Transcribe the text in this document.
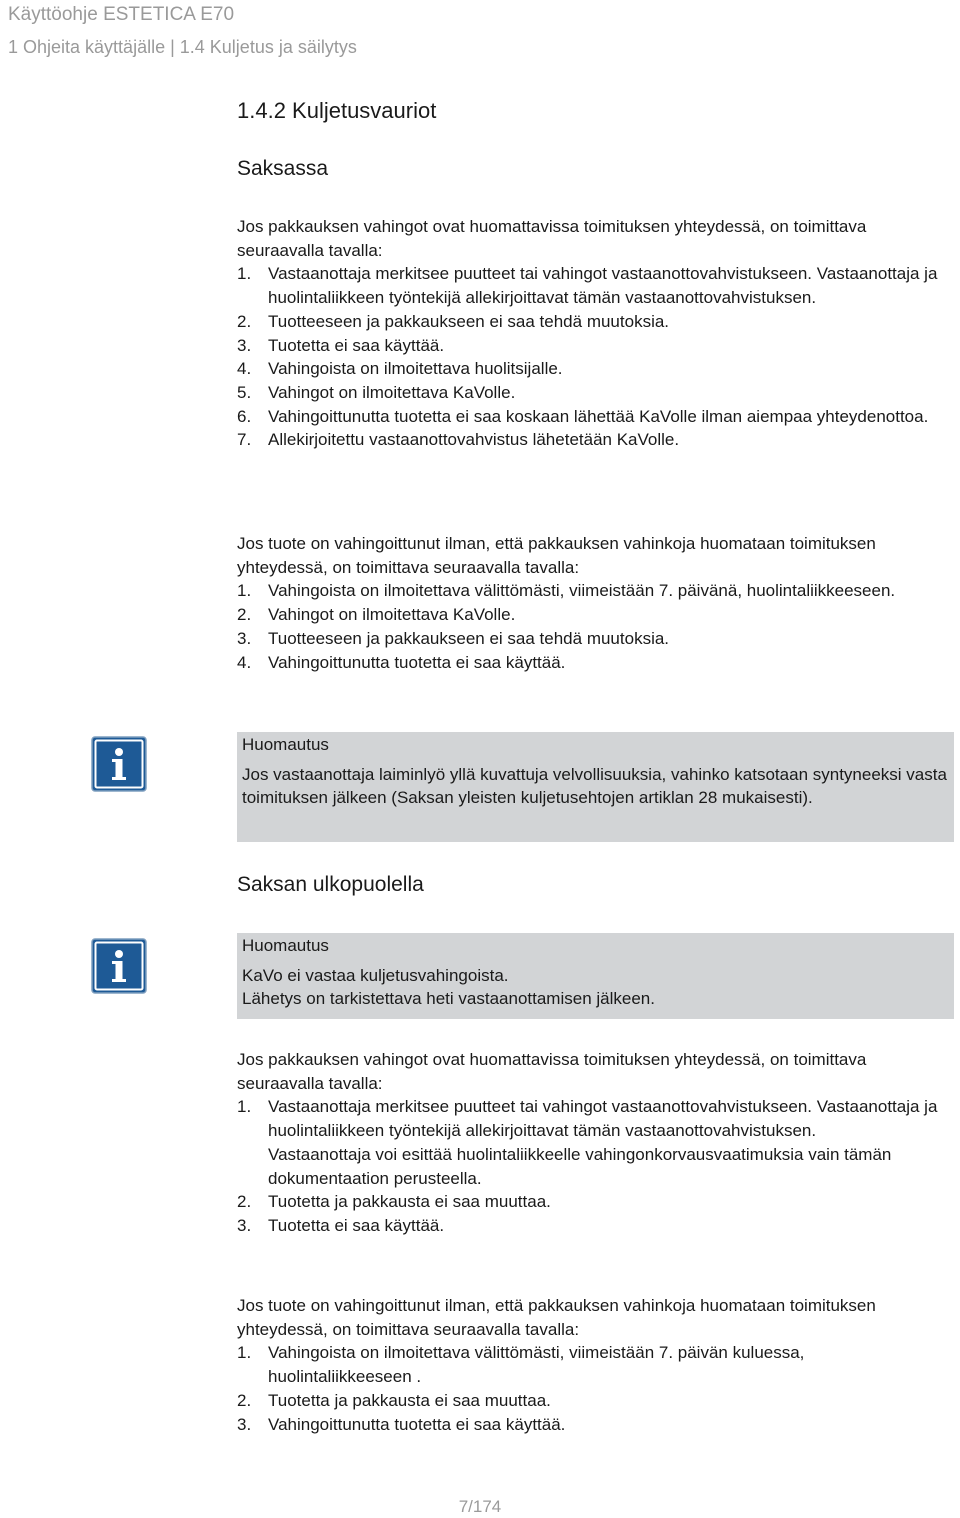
Käyttöohje ESTETICA E70
1 Ohjeita käyttäjälle | 1.4 Kuljetus ja säilytys
1.4.2 Kuljetusvauriot
Saksassa

Jos pakkauksen vahingot ovat huomattavissa toimituksen yhteydessä, on toimittava seuraavalla tavalla:

1. Vastaanottaja merkitsee puutteet tai vahingot vastaanottovahvistukseen. Vastaanottaja ja huolintaliikkeen työntekijä allekirjoittavat tämän vastaanottovahvistuksen.
2. Tuotteeseen ja pakkaukseen ei saa tehdä muutoksia.
3. Tuotetta ei saa käyttää.
4. Vahingoista on ilmoitettava huolitsijalle.
5. Vahingot on ilmoitettava KaVolle.
6. Vahingoittunutta tuotetta ei saa koskaan lähettää KaVolle ilman aiempaa yhteydenottoa.
7. Allekirjoitettu vastaanottovahvistus lähetetään KaVolle.

Jos tuote on vahingoittunut ilman, että pakkauksen vahinkoja huomataan toimituksen yhteydessä, on toimittava seuraavalla tavalla:

1. Vahingoista on ilmoitettava välittömästi, viimeistään 7. päivänä, huolintaliikkeeseen.
2. Vahingot on ilmoitettava KaVolle.
3. Tuotteeseen ja pakkaukseen ei saa tehdä muutoksia.
4. Vahingoittunutta tuotetta ei saa käyttää.

Huomautus

Jos vastaanottaja laiminlyö yllä kuvattuja velvollisuuksia, vahinko katsotaan syntyneeksi vasta toimituksen jälkeen (Saksan yleisten kuljetusehtojen artiklan 28 mukaisesti).

Saksan ulkopuolella

Huomautus

KaVo ei vastaa kuljetusvahingoista.

Lähetys on tarkistettava heti vastaanottamisen jälkeen.

Jos pakkauksen vahingot ovat huomattavissa toimituksen yhteydessä, on toimittava seuraavalla tavalla:

1. Vastaanottaja merkitsee puutteet tai vahingot vastaanottovahvistukseen. Vastaanottaja ja huolintaliikkeen työntekijä allekirjoittavat tämän vastaanottovahvistuksen.
Vastaanottaja voi esittää huolintaliikkeelle vahingonkorvausvaatimuksia vain tämän dokumentaation perusteella.
2. Tuotetta ja pakkausta ei saa muuttaa.
3. Tuotetta ei saa käyttää.

Jos tuote on vahingoittunut ilman, että pakkauksen vahinkoja huomataan toimituksen yhteydessä, on toimittava seuraavalla tavalla:

1. Vahingoista on ilmoitettava välittömästi, viimeistään 7. päivän kuluessa, huolintaliikkeeseen .
2. Tuotetta ja pakkausta ei saa muuttaa.
3. Vahingoittunutta tuotetta ei saa käyttää.
7/174
